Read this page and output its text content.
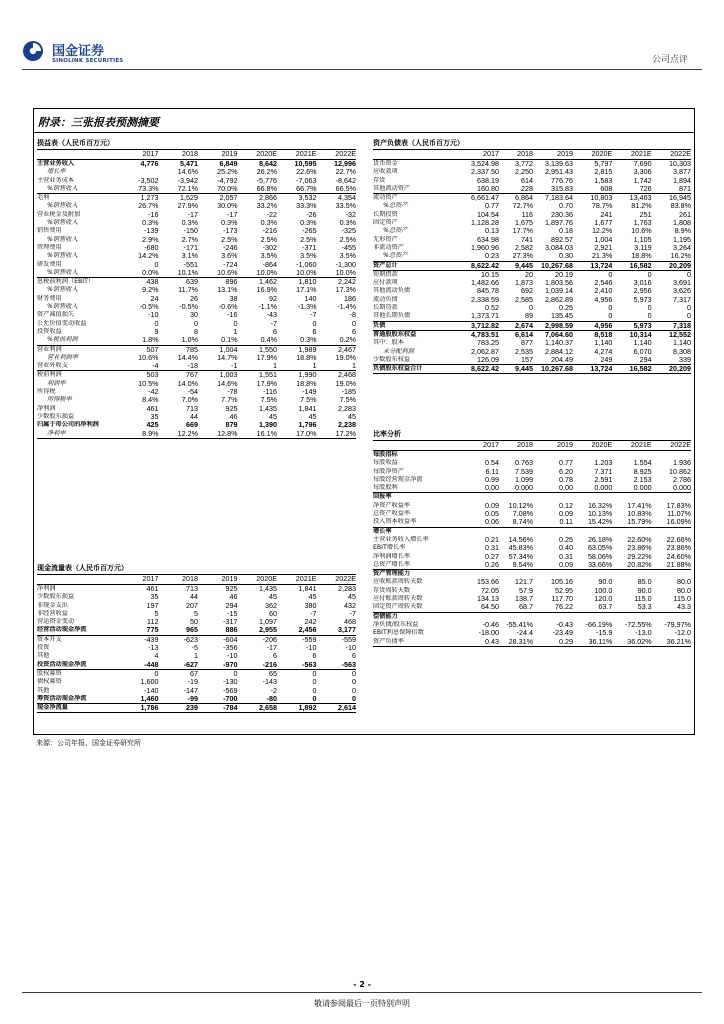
国金证券
SINOLINK SECURITIES	公司点评
附录：三张报表预测摘要
损益表（人民币百万元）
	2017	2018	2019	2020E	2021E	2022E
主营业务收入	4,776	5,471	6,849	8,642	10,595	12,996
增长率		14.6%	25.2%	26.2%	22.6%	22.7%
主营业务成本	-3,502	-3,942	-4,792	-5,776	-7,063	-8,642
%销售收入	73.3%	72.1%	70.0%	66.8%	66.7%	66.5%
毛利	1,273	1,529	2,057	2,866	3,532	4,354
%销售收入	26.7%	27.9%	30.0%	33.2%	33.3%	33.5%
营业税金及附加	-16	-17	-17	-22	-26	-32
%销售收入	0.3%	0.3%	0.3%	0.3%	0.3%	0.3%
销售费用	-139	-150	-173	-216	-265	-325
%销售收入	2.9%	2.7%	2.5%	2.5%	2.5%	2.5%
管理费用	-680	-171	-246	-302	-371	-455
%销售收入	14.2%	3.1%	3.6%	3.5%	3.5%	3.5%
研发费用	0	-551	-724	-864	-1,060	-1,300
%销售收入	0.0%	10.1%	10.6%	10.0%	10.0%	10.0%
息税前利润（EBIT）	438	639	896	1,462	1,810	2,242
%销售收入	9.2%	11.7%	13.1%	16.9%	17.1%	17.3%
财务费用	24	26	38	92	140	186
%销售收入	-0.5%	-0.5%	-0.6%	-1.1%	-1.3%	-1.4%
资产减值损失	-10	30	-16	-43	-7	-8
公允价值变动收益	0	0	0	-7	0	0
投资收益	9	8	1	6	6	6
%税前利润	1.8%	1.0%	0.1%	0.4%	0.3%	0.2%
营业利润	507	785	1,004	1,550	1,989	2,467
营业利润率	10.6%	14.4%	14.7%	17.9%	18.8%	19.0%
营业外收支	-4	-18	-1	1	1	1
税前利润	503	767	1,003	1,551	1,990	2,468
利润率	10.5%	14.0%	14.6%	17.9%	18.8%	19.0%
所得税	-42	-54	-78	-116	-149	-185
所得税率	8.4%	7.0%	7.7%	7.5%	7.5%	7.5%
净利润	461	713	925	1,435	1,841	2,283
少数股东损益	35	44	46	45	45	45
归属于母公司的净利润	425	669	879	1,390	1,796	2,238
净利率	8.9%	12.2%	12.8%	16.1%	17.0%	17.2%
现金流量表（人民币百万元）
	2017	2018	2019	2020E	2021E	2022E
净利润	461	713	925	1,435	1,841	2,283
少数股东损益	35	44	46	45	45	45
非现金支出	197	207	294	362	380	432
非经营收益	5	5	-15	60	-7	-7
营运资金变动	112	50	-317	1,097	242	468
经营活动现金净流	775	965	886	2,955	2,456	3,177
资本开支	-439	-623	-604	-206	-559	-559
投资	-13	-5	-356	-17	-10	-10
其他	4	1	-10	6	6	6
投资活动现金净流	-448	-627	-970	-216	-563	-563
股权募资	0	67	0	65	0	0
债权募资	1,600	-19	-130	-143	0	0
其他	-140	-147	-569	-2	0	0
筹资活动现金净流	1,460	-99	-700	-80	0	0
现金净流量	1,786	239	-784	2,658	1,892	2,614
资产负债表（人民币百万元）
	2017	2018	2019	2020E	2021E	2022E
货币资金	3,524.98	3,772	3,139.63	5,797	7,690	10,303
应收款项	2,337.50	2,250	2,951.43	2,815	3,306	3,877
存货	638.19	614	776.76	1,583	1,742	1,894
其他流动资产	160.80	228	315.83	608	726	871
流动资产	6,661.47	6,864	7,183.64	10,803	13,463	16,945
%总资产	0.77	72.7%	0.70	78.7%	81.2%	83.8%
长期投资	104.54	116	230.36	241	251	261
固定资产	1,128.28	1,675	1,897.76	1,677	1,763	1,808
%总资产	0.13	17.7%	0.18	12.2%	10.6%	8.9%
无形资产	634.98	741	892.57	1,004	1,105	1,195
非流动资产	1,960.96	2,582	3,084.03	2,921	3,119	3,264
%总资产	0.23	27.3%	0.30	21.3%	18.8%	16.2%
资产总计	8,622.42	9,445	10,267.68	13,724	16,582	20,209
短期借款	10.15	20	20.19	0	0	0
应付款项	1,482.66	1,873	1,803.56	2,546	3,016	3,691
其他流动负债	845.78	692	1,039.14	2,410	2,956	3,626
流动负债	2,338.59	2,585	2,862.89	4,956	5,973	7,317
长期贷款	0.52	0	0.25	0	0	0
其他长期负债	1,373.71	89	135.45	0	0	0
负债	3,712.82	2,674	2,998.59	4,956	5,973	7,318
普通股股东权益	4,783.51	6,614	7,064.60	8,518	10,314	12,552
其中：股本	783.25	877	1,140.37	1,140	1,140	1,140
未分配利润	2,062.87	2,535	2,884.12	4,274	6,070	8,308
少数股东权益	126.09	157	204.49	249	294	339
负债股东权益合计	8,622.42	9,445	10,267.68	13,724	16,582	20,209
比率分析
	2017	2018	2019	2020E	2021E	2022E
每股指标						
每股收益	0.54	0.763	0.77	1.203	1.554	1.936
每股净资产	6.11	7.539	6.20	7.371	8.925	10.862
每股经营现金净流	0.99	1.099	0.78	2.591	2.153	2.786
每股股利	0.00	0.000	0.00	0.000	0.000	0.000
回报率						
净资产收益率	0.09	10.12%	0.12	16.32%	17.41%	17.83%
总资产收益率	0.05	7.08%	0.09	10.13%	10.83%	11.07%
投入资本收益率	0.06	8.74%	0.11	15.42%	15.79%	16.09%
增长率						
主营业务收入增长率	0.21	14.56%	0.25	26.18%	22.60%	22.66%
EBIT增长率	0.31	45.83%	0.40	63.05%	23.86%	23.86%
净利润增长率	0.27	57.34%	0.31	58.06%	29.22%	24.60%
总资产增长率	0.26	9.54%	0.09	33.66%	20.82%	21.88%
资产管理能力						
应收账款周转天数	153.66	121.7	105.16	90.0	85.0	80.0
存货周转天数	72.05	57.9	52.95	100.0	90.0	80.0
应付账款周转天数	134.13	138.7	117.70	120.0	115.0	115.0
固定资产周转天数	64.50	68.7	76.22	63.7	53.3	43.3
偿债能力						
净负债/股东权益	-0.46	-55.41%	-0.43	-66.19%	-72.55%	-79.97%
EBIT利息保障倍数	-18.00	-24.4	-23.49	-15.9	-13.0	-12.0
资产负债率	0.43	28.31%	0.29	36.11%	36.02%	36.21%
来源：公司年报、国金证券研究所
- 2 -
敬请参阅最后一页特别声明
